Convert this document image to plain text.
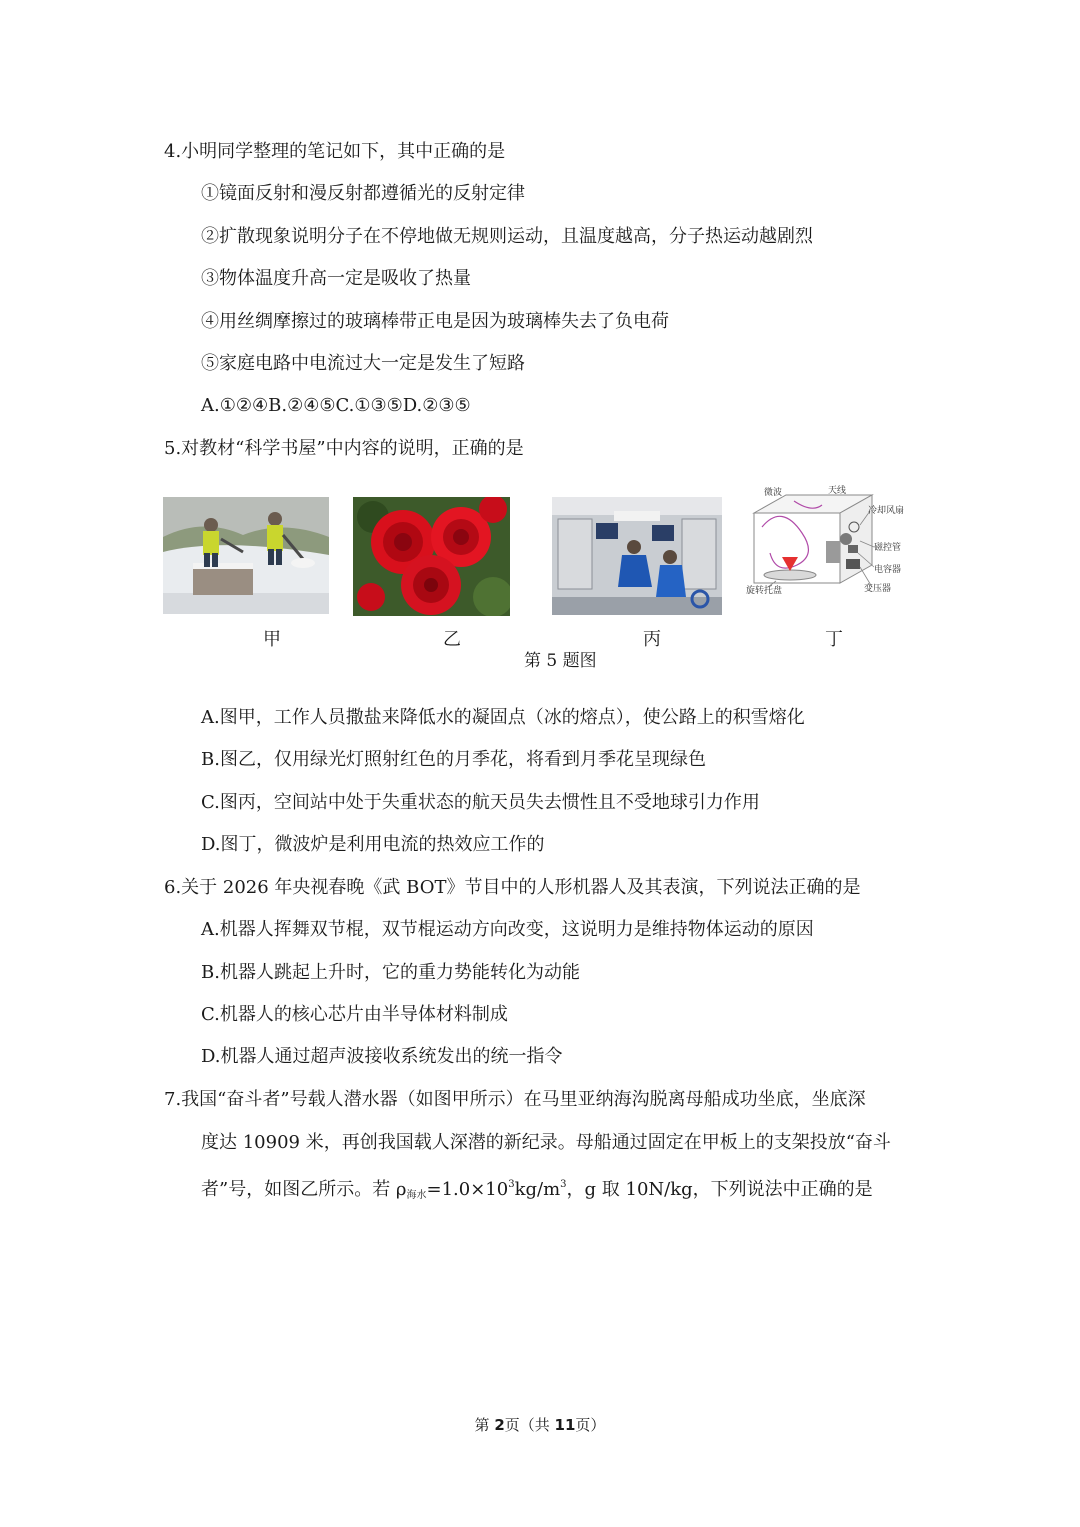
4.小明同学整理的笔记如下，其中正确的是
①镜面反射和漫反射都遵循光的反射定律
②扩散现象说明分子在不停地做无规则运动，且温度越高，分子热运动越剧烈
③物体温度升高一定是吸收了热量
④用丝绸摩擦过的玻璃棒带正电是因为玻璃棒失去了负电荷
⑤家庭电路中电流过大一定是发生了短路
A.①②④B.②④⑤C.①③⑤D.②③⑤
5.对教材“科学书屋”中内容的说明，正确的是
微波	天线
冷却风扇
磁控管
电容器
变压器
旋转托盘
甲	乙	丙	丁
第 5 题图
A.图甲，工作人员撒盐来降低水的凝固点（冰的熔点），使公路上的积雪熔化
B.图乙，仅用绿光灯照射红色的月季花，将看到月季花呈现绿色
C.图丙，空间站中处于失重状态的航天员失去惯性且不受地球引力作用
D.图丁，微波炉是利用电流的热效应工作的
6.关于 2026 年央视春晚《武 BOT》节目中的人形机器人及其表演，下列说法正确的是
A.机器人挥舞双节棍，双节棍运动方向改变，这说明力是维持物体运动的原因
B.机器人跳起上升时，它的重力势能转化为动能
C.机器人的核心芯片由半导体材料制成
D.机器人通过超声波接收系统发出的统一指令
7.我国“奋斗者”号载人潜水器（如图甲所示）在马里亚纳海沟脱离母船成功坐底，坐底深
度达 10909 米，再创我国载人深潜的新纪录。母船通过固定在甲板上的支架投放“奋斗
者”号，如图乙所示。若 $\rho_{海水}=1.0\times 10^3kg/m^3$，g 取 10N/kg，下列说法中正确的是
第 2页（共 11页）
